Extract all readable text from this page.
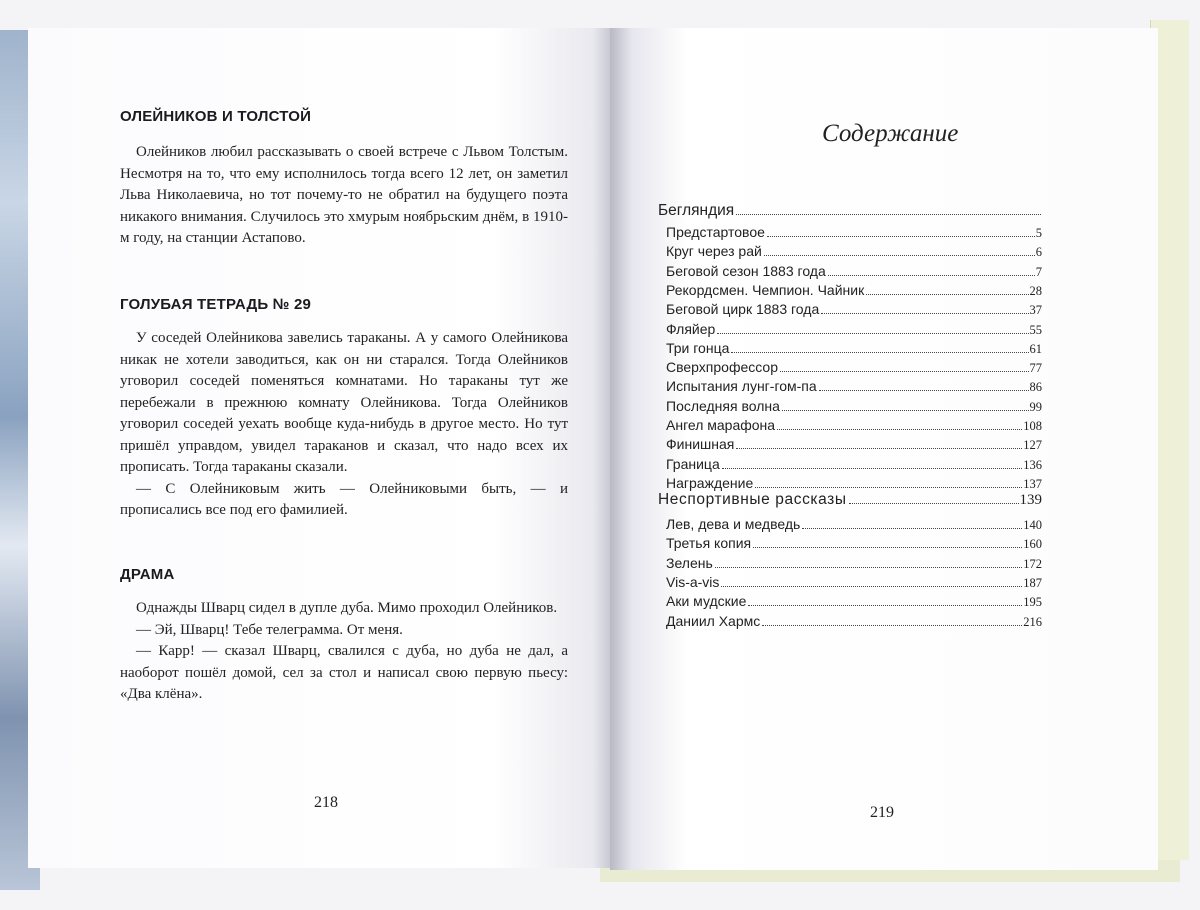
ОЛЕЙНИКОВ И ТОЛСТОЙ

Олейников любил рассказывать о своей встрече с Львом Толстым. Несмотря на то, что ему исполнилось тогда всего 12 лет, он заметил Льва Николаевича, но тот почему-то не обратил на будущего поэта никакого внимания. Случилось это хмурым ноябрьским днём, в 1910-м году, на станции Астапово.

ГОЛУБАЯ ТЕТРАДЬ № 29

У соседей Олейникова завелись тараканы. А у самого Олейникова никак не хотели заводиться, как он ни старался. Тогда Олейников уговорил соседей поменяться комнатами. Но тараканы тут же перебежали в прежнюю комнату Олейникова. Тогда Олейников уговорил соседей уехать вообще куда-нибудь в другое место. Но тут пришёл управдом, увидел тараканов и сказал, что надо всех их прописать. Тогда тараканы сказали.

— С Олейниковым жить — Олейниковыми быть, — и прописались все под его фамилией.

ДРАМА

Однажды Шварц сидел в дупле дуба. Мимо проходил Олейников.

— Эй, Шварц! Тебе телеграмма. От меня.

— Карр! — сказал Шварц, свалился с дуба, но дуба не дал, а наоборот пошёл домой, сел за стол и написал свою первую пьесу: «Два клёна».

218
Содержание
Бегляндия
Предстартовое	5
Круг через рай	6
Беговой сезон 1883 года	7
Рекордсмен. Чемпион. Чайник	28
Беговой цирк 1883 года	37
Фляйер	55
Три гонца	61
Сверхпрофессор	77
Испытания лунг-гом-па	86
Последняя волна	99
Ангел марафона	108
Финишная	127
Граница	136
Награждение	137
Неспортивные рассказы	139
Лев, дева и медведь	140
Третья копия	160
Зелень	172
Vis-a-vis	187
Аки мудские	195
Даниил Хармс	216
219
